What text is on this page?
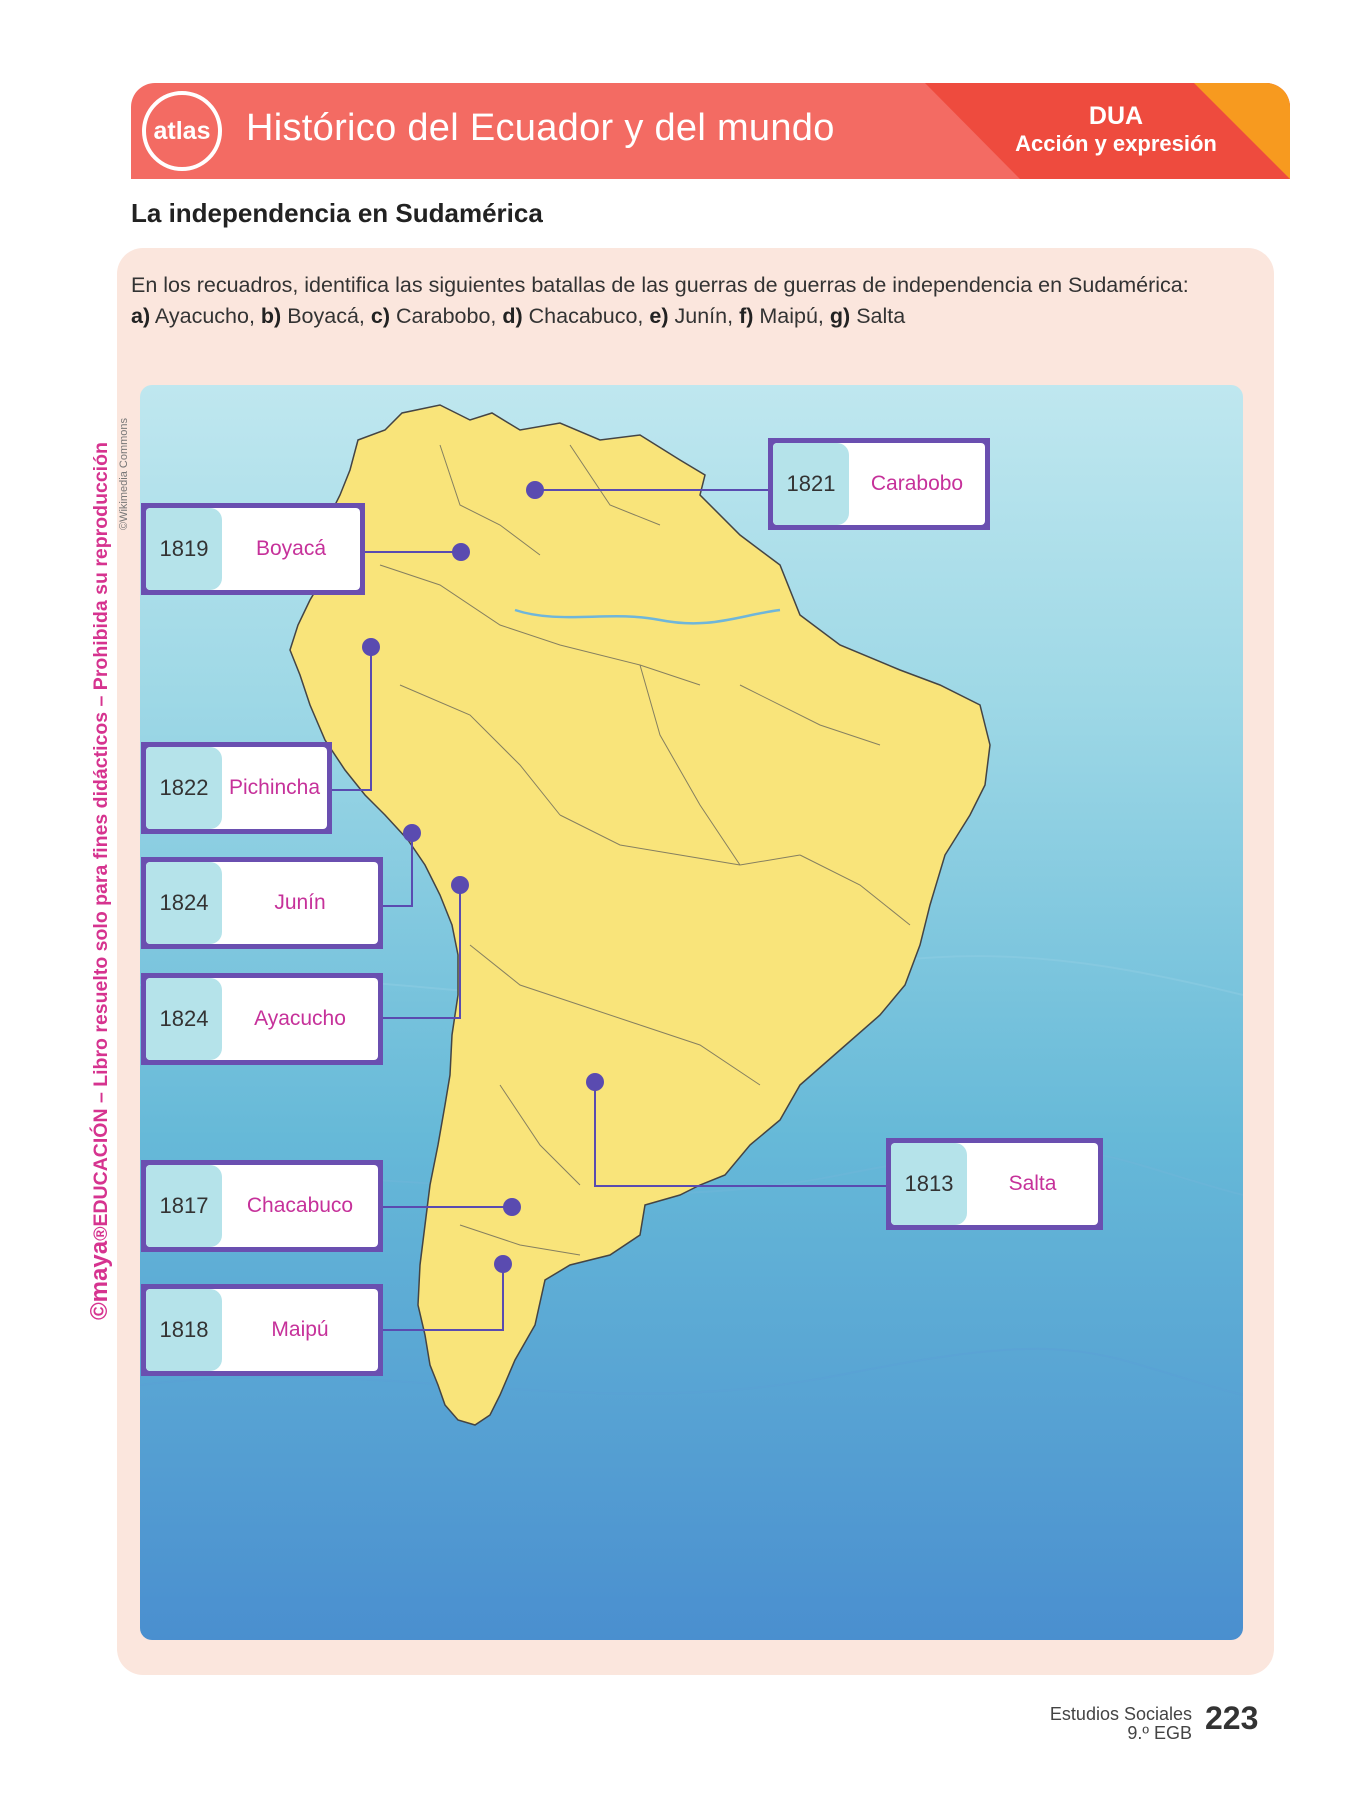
atlas Histórico del Ecuador y del mundo	DUA
Acción y expresión
La independencia en Sudamérica
En los recuadros, identifica las siguientes batallas de las guerras de guerras de independencia en Sudamérica:
a) Ayacucho, b) Boyacá, c) Carabobo, d) Chacabuco, e) Junín, f) Maipú, g) Salta
1821	Carabobo
1819	Boyacá
1822 Pichincha
1824	Junín
1824	Ayacucho
1817	Chacabuco
1818	Maipú
1813	Salta
©maya®EDUCACIÓN – Libro resuelto solo para fines didácticos – Prohibida su reproducción ©Wikimedia Commons
Estudios Sociales
9.º EGB 223
